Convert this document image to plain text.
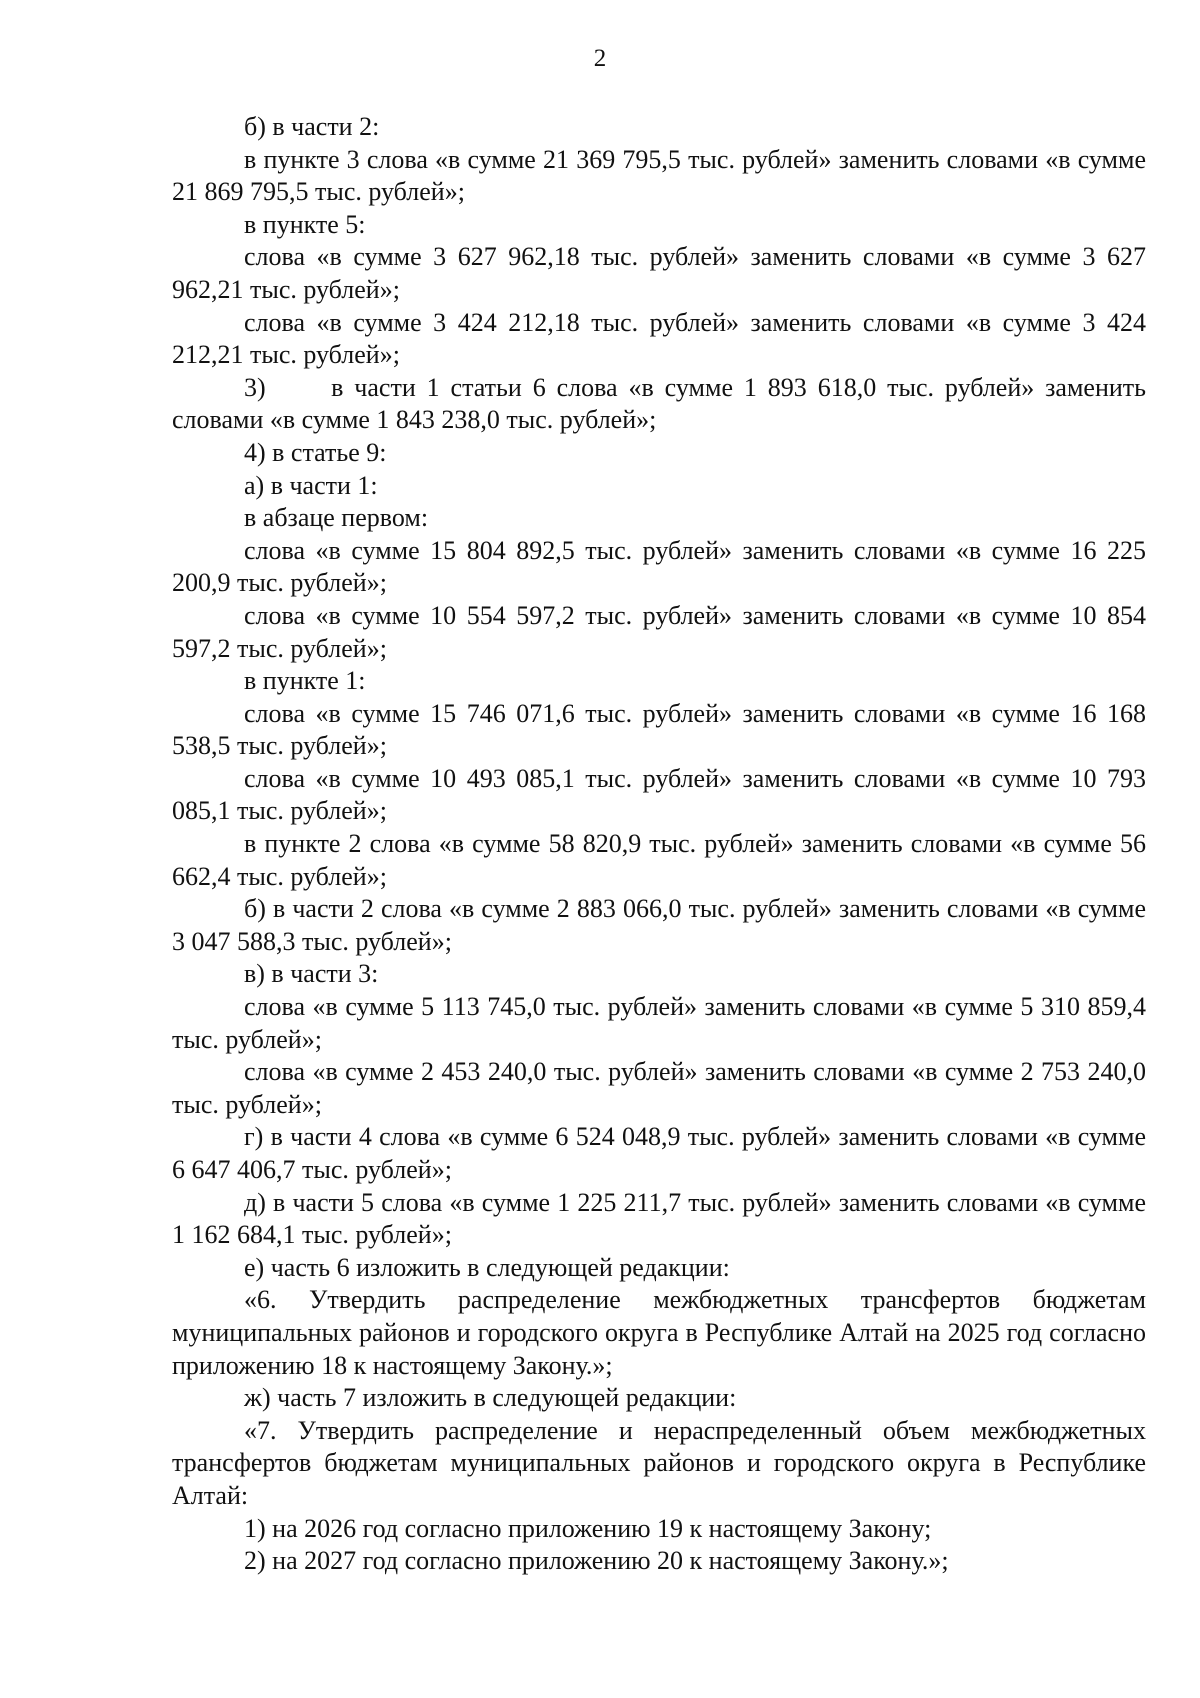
2

б) в части 2:

в пункте 3 слова «в сумме 21 369 795,5 тыс. рублей» заменить словами «в сумме 21 869 795,5 тыс. рублей»;

в пункте 5:

слова «в сумме 3 627 962,18 тыс. рублей» заменить словами «в сумме 3 627 962,21 тыс. рублей»;

слова «в сумме 3 424 212,18 тыс. рублей» заменить словами «в сумме 3 424 212,21 тыс. рублей»;

3)      в части 1 статьи 6 слова «в сумме 1 893 618,0 тыс. рублей» заменить словами «в сумме 1 843 238,0 тыс. рублей»;

4) в статье 9:

а) в части 1:

в абзаце первом:

слова «в сумме 15 804 892,5 тыс. рублей» заменить словами «в сумме 16 225 200,9 тыс. рублей»;

слова «в сумме 10 554 597,2 тыс. рублей» заменить словами «в сумме 10 854 597,2 тыс. рублей»;

в пункте 1:

слова «в сумме 15 746 071,6 тыс. рублей» заменить словами «в сумме 16 168 538,5 тыс. рублей»;

слова «в сумме 10 493 085,1 тыс. рублей» заменить словами «в сумме 10 793 085,1 тыс. рублей»;

в пункте 2 слова «в сумме 58 820,9 тыс. рублей» заменить словами «в сумме 56 662,4 тыс. рублей»;

б) в части 2 слова «в сумме 2 883 066,0 тыс. рублей» заменить словами «в сумме 3 047 588,3 тыс. рублей»;

в) в части 3:

слова «в сумме 5 113 745,0 тыс. рублей» заменить словами «в сумме 5 310 859,4 тыс. рублей»;

слова «в сумме 2 453 240,0 тыс. рублей» заменить словами «в сумме 2 753 240,0 тыс. рублей»;

г) в части 4 слова «в сумме 6 524 048,9 тыс. рублей» заменить словами «в сумме 6 647 406,7 тыс. рублей»;

д) в части 5 слова «в сумме 1 225 211,7 тыс. рублей» заменить словами «в сумме 1 162 684,1 тыс. рублей»;

е) часть 6 изложить в следующей редакции:

«6. Утвердить распределение межбюджетных трансфертов бюджетам муниципальных районов и городского округа в Республике Алтай на 2025 год согласно приложению 18 к настоящему Закону.»;

ж) часть 7 изложить в следующей редакции:

«7. Утвердить распределение и нераспределенный объем межбюджетных трансфертов бюджетам муниципальных районов и городского округа в Республике Алтай:

1) на 2026 год согласно приложению 19 к настоящему Закону;

2) на 2027 год согласно приложению 20 к настоящему Закону.»;
